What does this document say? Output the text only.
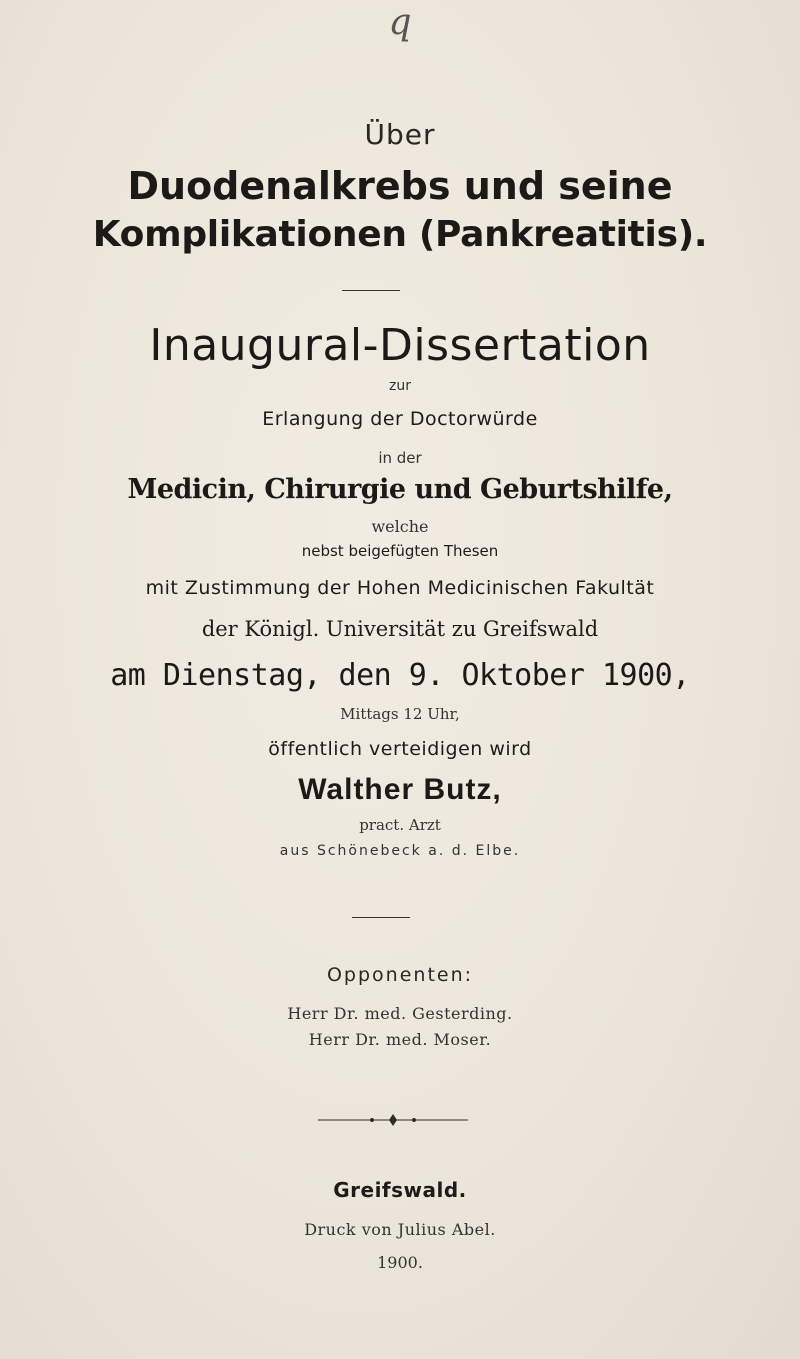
q
Über
Duodenalkrebs und seine
Komplikationen (Pankreatitis).
Inaugural-Dissertation
zur
Erlangung der Doctorwürde
in der
Medicin, Chirurgie und Geburtshilfe,
welche
nebst beigefügten Thesen
mit Zustimmung der Hohen Medicinischen Fakultät
der Königl. Universität zu Greifswald
am Dienstag, den 9. Oktober 1900,
Mittags 12 Uhr,
öffentlich verteidigen wird
Walther Butz,
pract. Arzt
aus Schönebeck a. d. Elbe.
Opponenten:
Herr Dr. med. Gesterding.
Herr Dr. med. Moser.
Greifswald.
Druck von Julius Abel.
1900.
